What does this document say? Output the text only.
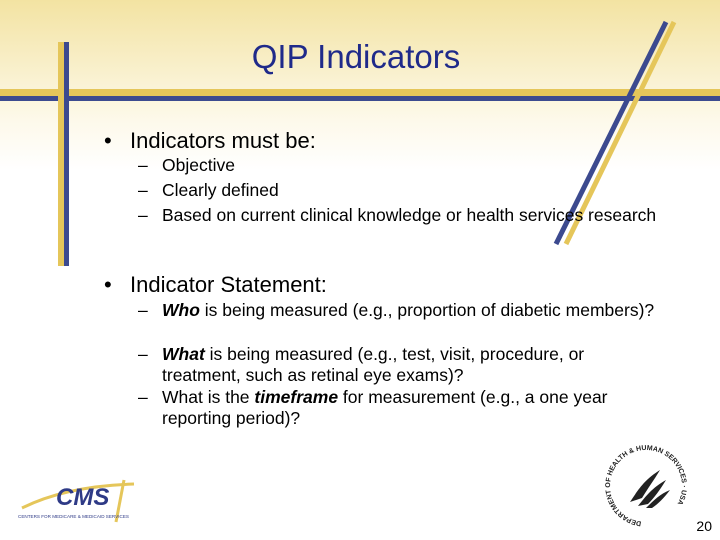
QIP Indicators
• Indicators must be:
– Objective
– Clearly defined
– Based on current clinical knowledge or health services research
• Indicator Statement:
– Who is being measured (e.g., proportion of diabetic members)?
– What is being measured (e.g., test, visit, procedure, or treatment, such as retinal eye exams)?
– What is the timeframe for measurement (e.g., a one year reporting period)?
CMS
CENTERS FOR MEDICARE & MEDICAID SERVICES
DEPARTMENT OF HEALTH & HUMAN SERVICES · USA
20
